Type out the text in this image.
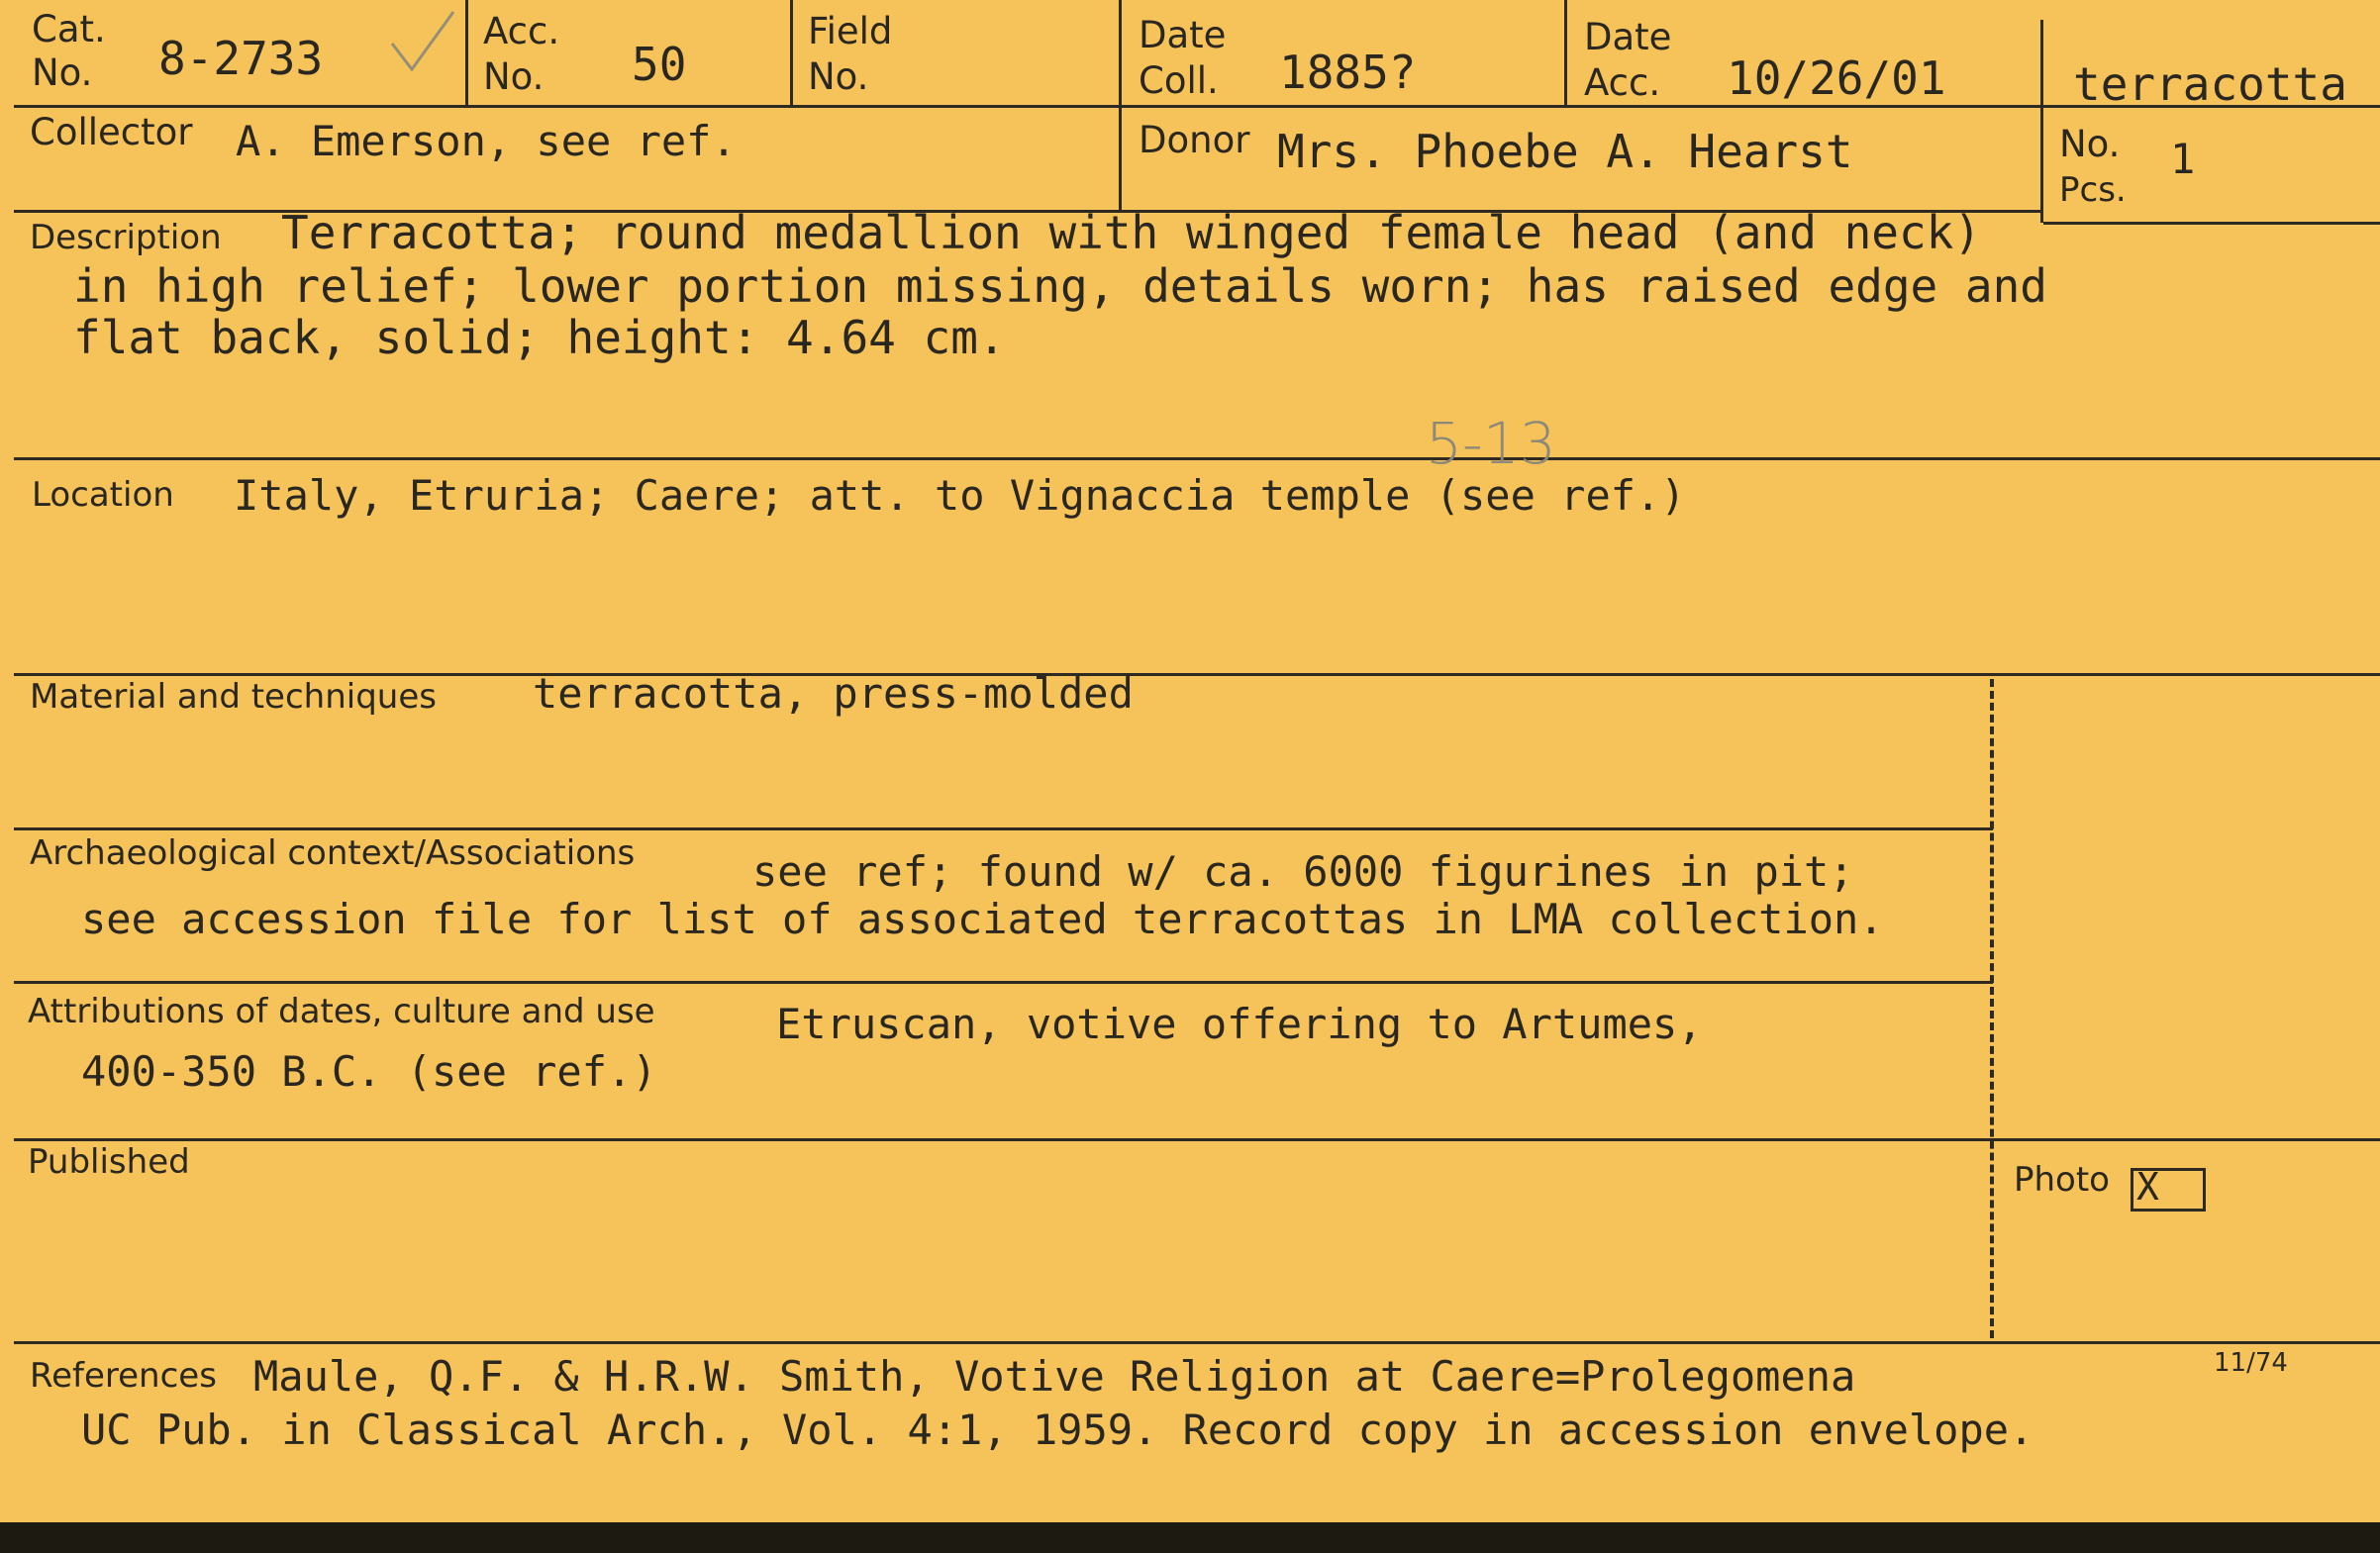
Cat.
No. 8-2733
Acc.
No. 50
Field
No.
Date
Coll. 1885?
Date
Acc. 10/26/01	terracotta
Collector A. Emerson, see ref.	Donor Mrs. Phoebe A. Hearst	No.
Pcs.
1
Description Terracotta; round medallion with winged female head (and neck)
in high relief; lower portion missing, details worn; has raised edge and
flat back, solid; height: 4.64 cm.
5-13
Location Italy, Etruria; Caere; att. to Vignaccia temple (see ref.)
Material and techniques terracotta, press-molded
Archaeological context/Associations	see ref; found w/ ca. 6000 figurines in pit;
see accession file for list of associated terracottas in LMA collection.
Attributions of dates, culture and use	Etruscan, votive offering to Artumes,
400-350 B.C. (see ref.)
Published	Photo X
11/74
References Maule, Q.F. & H.R.W. Smith, Votive Religion at Caere=Prolegomena
UC Pub. in Classical Arch., Vol. 4:1, 1959. Record copy in accession envelope.
